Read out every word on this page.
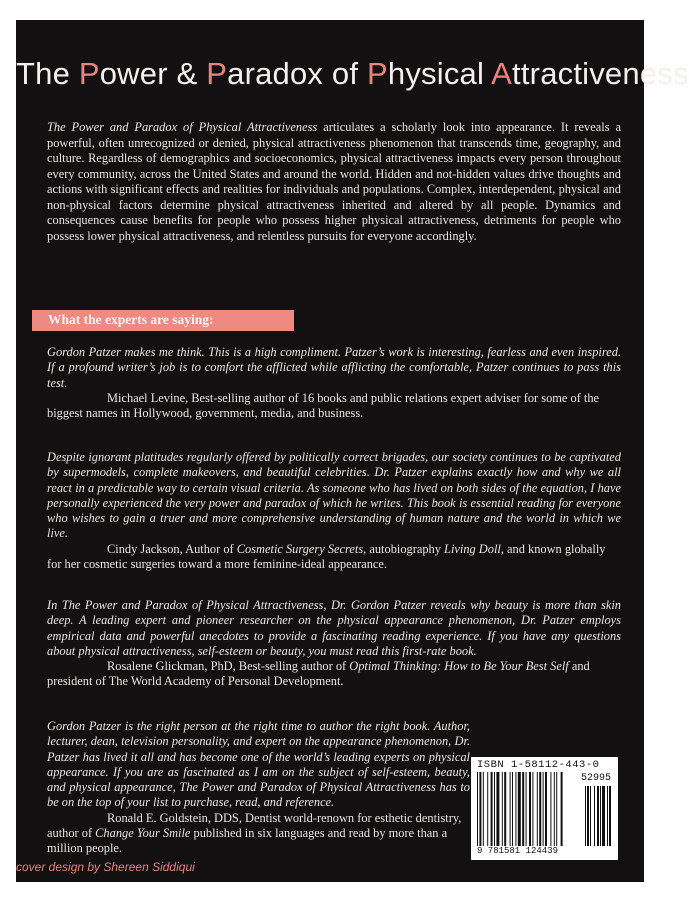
The Power & Paradox of Physical Attractiveness

The Power and Paradox of Physical Attractiveness articulates a scholarly look into appearance. It reveals a powerful, often unrecognized or denied, physical attractiveness phenomenon that transcends time, geography, and culture. Regardless of demographics and socioeconomics, physical attractiveness impacts every person throughout every community, across the United States and around the world. Hidden and not-hidden values drive thoughts and actions with significant effects and realities for individuals and populations. Complex, interdependent, physical and non-physical factors determine physical attractiveness inherited and altered by all people. Dynamics and consequences cause benefits for people who possess higher physical attractiveness, detriments for people who possess lower physical attractiveness, and relentless pursuits for everyone accordingly.

What the experts are saying:

Gordon Patzer makes me think. This is a high compliment. Patzer’s work is interesting, fearless and even inspired. If a profound writer’s job is to comfort the afflicted while afflicting the comfortable, Patzer continues to pass this test.
Michael Levine, Best-selling author of 16 books and public relations expert adviser for some of the biggest names in Hollywood, government, media, and business.

Despite ignorant platitudes regularly offered by politically correct brigades, our society continues to be captivated by supermodels, complete makeovers, and beautiful celebrities. Dr. Patzer explains exactly how and why we all react in a predictable way to certain visual criteria. As someone who has lived on both sides of the equation, I have personally experienced the very power and paradox of which he writes. This book is essential reading for everyone who wishes to gain a truer and more comprehensive understanding of human nature and the world in which we live.
Cindy Jackson, Author of Cosmetic Surgery Secrets, autobiography Living Doll, and known globally for her cosmetic surgeries toward a more feminine-ideal appearance.

In The Power and Paradox of Physical Attractiveness, Dr. Gordon Patzer reveals why beauty is more than skin deep. A leading expert and pioneer researcher on the physical appearance phenomenon, Dr. Patzer employs empirical data and powerful anecdotes to provide a fascinating reading experience. If you have any questions about physical attractiveness, self-esteem or beauty, you must read this first-rate book.
Rosalene Glickman, PhD, Best-selling author of Optimal Thinking: How to Be Your Best Self and president of The World Academy of Personal Development.

Gordon Patzer is the right person at the right time to author the right book. Author, lecturer, dean, television personality, and expert on the appearance phenomenon, Dr. Patzer has lived it all and has become one of the world’s leading experts on physical appearance. If you are as fascinated as I am on the subject of self-esteem, beauty, and physical appearance, The Power and Paradox of Physical Attractiveness has to be on the top of your list to purchase, read, and reference.
Ronald E. Goldstein, DDS, Dentist world-renown for esthetic dentistry, author of Change Your Smile published in six languages and read by more than a million people.

ISBN 1-58112-443-0
52995
9 781581 124439
cover design by Shereen Siddiqui
